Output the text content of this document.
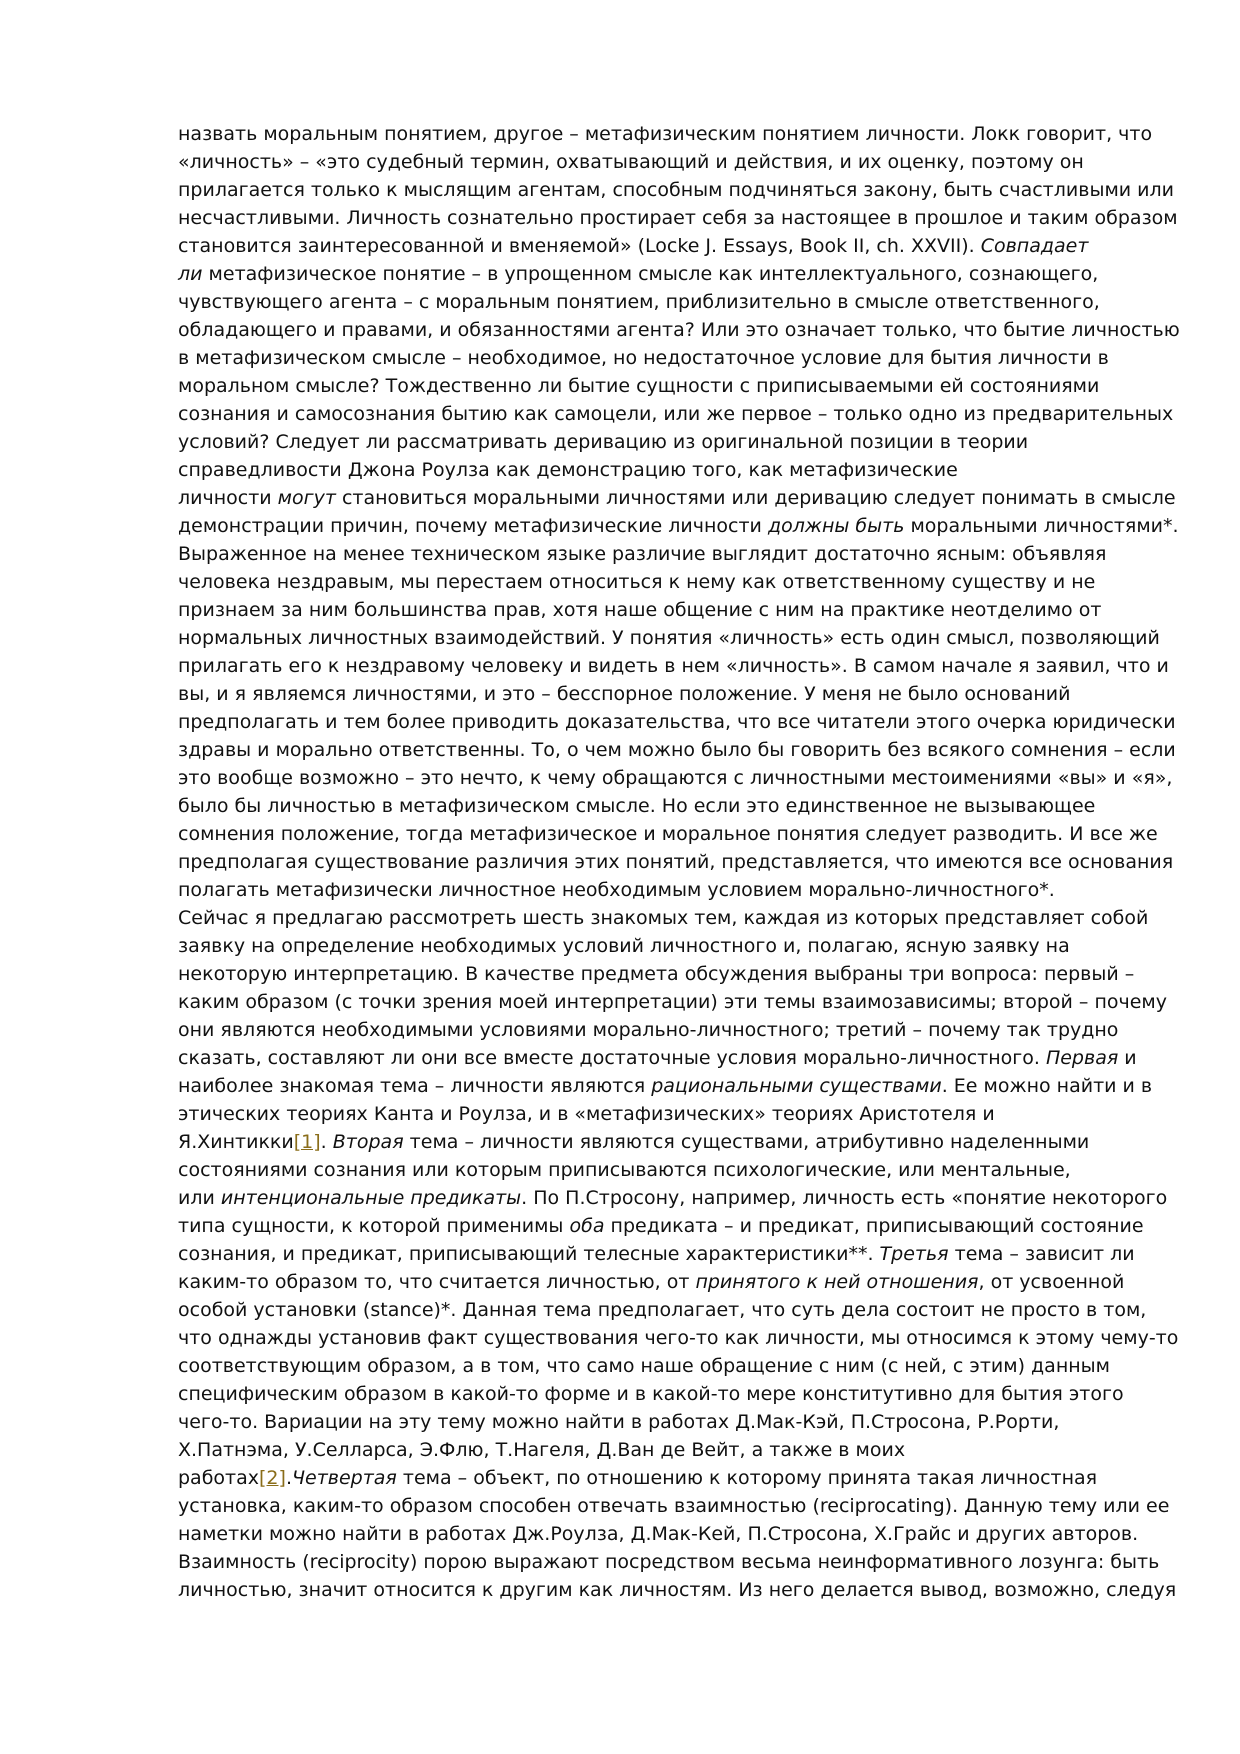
назвать моральным понятием, другое – метафизическим понятием личности. Локк говорит, что
«личность» – «это судебный термин, охватывающий и действия, и их оценку, поэтому он
прилагается только к мыслящим агентам, способным подчиняться закону, быть счастливыми или
несчастливыми. Личность сознательно простирает себя за настоящее в прошлое и таким образом
становится заинтересованной и вменяемой» (Locke J. Essays, Book II, ch. XXVII). Совпадает
ли метафизическое понятие – в упрощенном смысле как интеллектуального, сознающего,
чувствующего агента – с моральным понятием, приблизительно в смысле ответственного,
обладающего и правами, и обязанностями агента? Или это означает только, что бытие личностью
в метафизическом смысле – необходимое, но недостаточное условие для бытия личности в
моральном смысле? Тождественно ли бытие сущности с приписываемыми ей состояниями
сознания и самосознания бытию как самоцели, или же первое – только одно из предварительных
условий? Следует ли рассматривать деривацию из оригинальной позиции в теории
справедливости Джона Роулза как демонстрацию того, как метафизические
личности могут становиться моральными личностями или деривацию следует понимать в смысле
демонстрации причин, почему метафизические личности должны быть моральными личностями*.
Выраженное на менее техническом языке различие выглядит достаточно ясным: объявляя
человека нездравым, мы перестаем относиться к нему как ответственному существу и не
признаем за ним большинства прав, хотя наше общение с ним на практике неотделимо от
нормальных личностных взаимодействий. У понятия «личность» есть один смысл, позволяющий
прилагать его к нездравому человеку и видеть в нем «личность». В самом начале я заявил, что и
вы, и я являемся личностями, и это – бесспорное положение. У меня не было оснований
предполагать и тем более приводить доказательства, что все читатели этого очерка юридически
здравы и морально ответственны. То, о чем можно было бы говорить без всякого сомнения – если
это вообще возможно – это нечто, к чему обращаются с личностными местоимениями «вы» и «я»,
было бы личностью в метафизическом смысле. Но если это единственное не вызывающее
сомнения положение, тогда метафизическое и моральное понятия следует разводить. И все же
предполагая существование различия этих понятий, представляется, что имеются все основания
полагать метафизически личностное необходимым условием морально-личностного*.
Сейчас я предлагаю рассмотреть шесть знакомых тем, каждая из которых представляет собой
заявку на определение необходимых условий личностного и, полагаю, ясную заявку на
некоторую интерпретацию. В качестве предмета обсуждения выбраны три вопроса: первый –
каким образом (с точки зрения моей интерпретации) эти темы взаимозависимы; второй – почему
они являются необходимыми условиями морально-личностного; третий – почему так трудно
сказать, составляют ли они все вместе достаточные условия морально-личностного. Первая и
наиболее знакомая тема – личности являются рациональными существами. Ее можно найти и в
этических теориях Канта и Роулза, и в «метафизических» теориях Аристотеля и
Я.Хинтикки[1]. Вторая тема – личности являются существами, атрибутивно наделенными
состояниями сознания или которым приписываются психологические, или ментальные,
или интенциональные предикаты. По П.Стросону, например, личность есть «понятие некоторого
типа сущности, к которой применимы оба предиката – и предикат, приписывающий состояние
сознания, и предикат, приписывающий телесные характеристики**. Третья тема – зависит ли
каким-то образом то, что считается личностью, от принятого к ней отношения, от усвоенной
особой установки (stance)*. Данная тема предполагает, что суть дела состоит не просто в том,
что однажды установив факт существования чего-то как личности, мы относимся к этому чему-то
соответствующим образом, а в том, что само наше обращение с ним (с ней, с этим) данным
специфическим образом в какой-то форме и в какой-то мере конститутивно для бытия этого
чего-то. Вариации на эту тему можно найти в работах Д.Мак-Кэй, П.Стросона, Р.Рорти,
Х.Патнэма, У.Селларса, Э.Флю, Т.Нагеля, Д.Ван де Вейт, а также в моих
работах[2].Четвертая тема – объект, по отношению к которому принята такая личностная
установка, каким-то образом способен отвечать взаимностью (reciprocating). Данную тему или ее
наметки можно найти в работах Дж.Роулза, Д.Мак-Кей, П.Стросона, Х.Грайс и других авторов.
Взаимность (reciprocity) порою выражают посредством весьма неинформативного лозунга: быть
личностью, значит относится к другим как личностям. Из него делается вывод, возможно, следуя
